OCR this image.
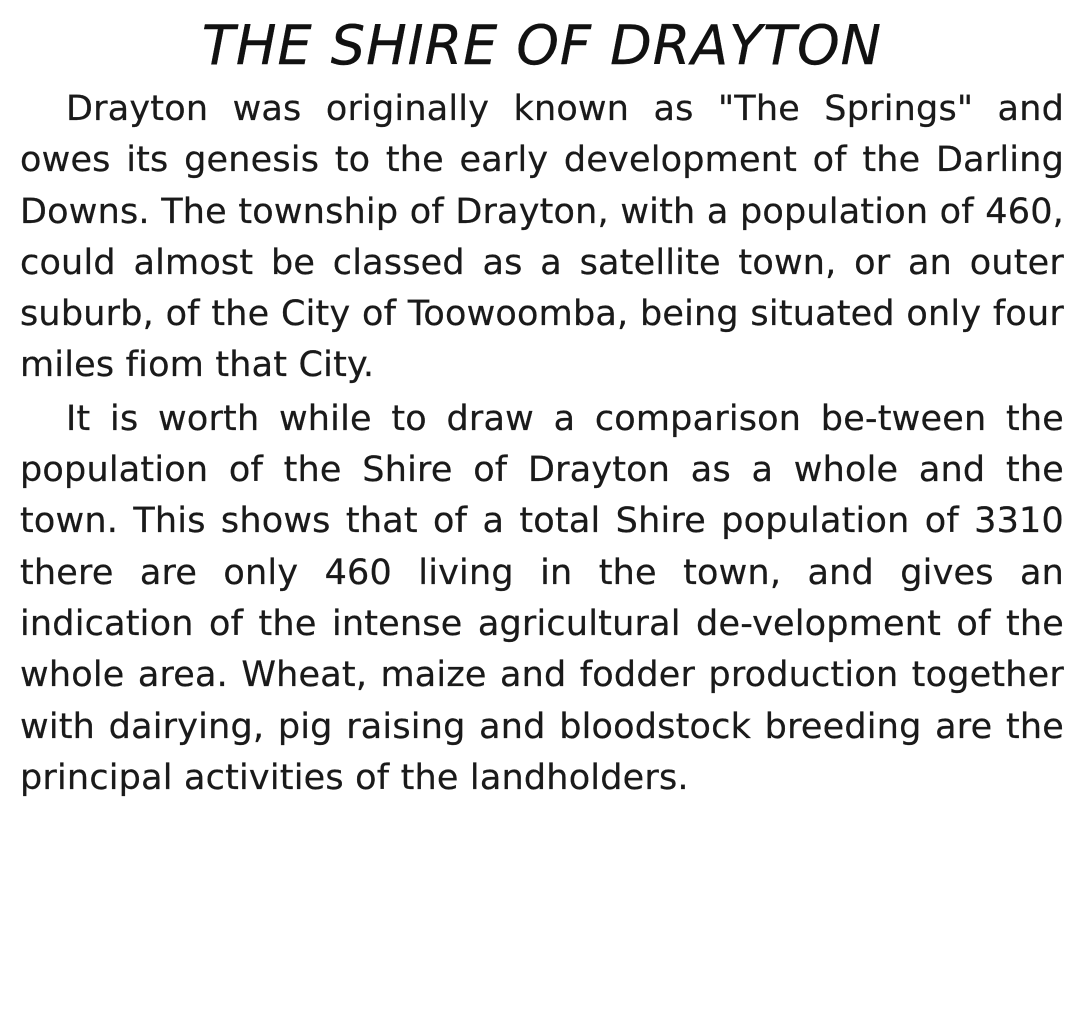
THE SHIRE OF DRAYTON

Drayton was originally known as "The Springs" and owes its genesis to the early development of the Darling Downs. The township of Drayton, with a population of 460, could almost be classed as a satellite town, or an outer suburb, of the City of Toowoomba, being situated only four miles fiom that City.

It is worth while to draw a comparison be-tween the population of the Shire of Drayton as a whole and the town. This shows that of a total Shire population of 3310 there are only 460 living in the town, and gives an indication of the intense agricultural de-velopment of the whole area. Wheat, maize and fodder production together with dairying, pig raising and bloodstock breeding are the principal activities of the landholders.
